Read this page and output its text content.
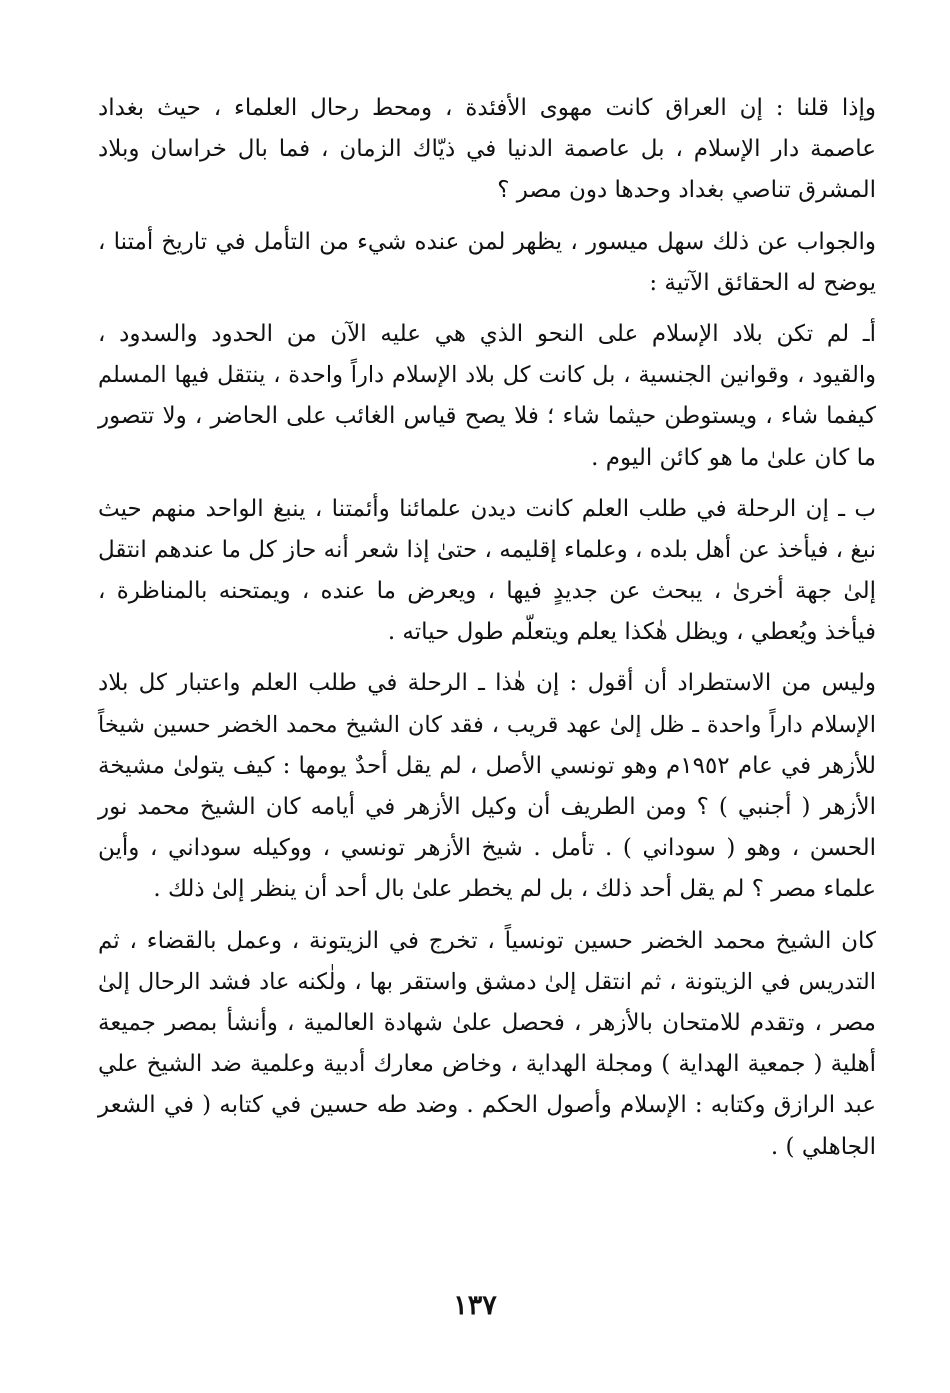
وإذا قلنا : إن العراق كانت مهوى الأفئدة ، ومحط رحال العلماء ، حيث بغداد
عاصمة دار الإسلام ، بل عاصمة الدنيا في ذيّاك الزمان ، فما بال خراسان وبلاد
المشرق تناصي بغداد وحدها دون مصر ؟
والجواب عن ذلك سهل ميسور ، يظهر لمن عنده شيء من التأمل في تاريخ أمتنا ،
يوضح له الحقائق الآتية :
أـ لم تكن بلاد الإسلام على النحو الذي هي عليه الآن من الحدود والسدود ،
والقيود ، وقوانين الجنسية ، بل كانت كل بلاد الإسلام داراً واحدة ، ينتقل فيها المسلم
كيفما شاء ، ويستوطن حيثما شاء ؛ فلا يصح قياس الغائب على الحاضر ، ولا تتصور
ما كان علىٰ ما هو كائن اليوم .
ب ـ إن الرحلة في طلب العلم كانت ديدن علمائنا وأئمتنا ، ينبغ الواحد منهم حيث
نبغ ، فيأخذ عن أهل بلده ، وعلماء إقليمه ، حتىٰ إذا شعر أنه حاز كل ما عندهم انتقل
إلىٰ جهة أخرىٰ ، يبحث عن جديدٍ فيها ، ويعرض ما عنده ، ويمتحنه بالمناظرة ،
فيأخذ ويُعطي ، ويظل هٰكذا يعلم ويتعلّم طول حياته .
وليس من الاستطراد أن أقول : إن هٰذا ـ الرحلة في طلب العلم واعتبار كل بلاد
الإسلام داراً واحدة ـ ظل إلىٰ عهد قريب ، فقد كان الشيخ محمد الخضر حسين شيخاً
للأزهر في عام ١٩٥٢م وهو تونسي الأصل ، لم يقل أحدٌ يومها : كيف يتولىٰ مشيخة
الأزهر ( أجنبي ) ؟ ومن الطريف أن وكيل الأزهر في أيامه كان الشيخ محمد نور
الحسن ، وهو ( سوداني ) . تأمل . شيخ الأزهر تونسي ، ووكيله سوداني ، وأين
علماء مصر ؟ لم يقل أحد ذلك ، بل لم يخطر علىٰ بال أحد أن ينظر إلىٰ ذلك .
كان الشيخ محمد الخضر حسين تونسياً ، تخرج في الزيتونة ، وعمل بالقضاء ، ثم
التدريس في الزيتونة ، ثم انتقل إلىٰ دمشق واستقر بها ، ولٰكنه عاد فشد الرحال إلىٰ
مصر ، وتقدم للامتحان بالأزهر ، فحصل علىٰ شهادة العالمية ، وأنشأ بمصر جميعة
أهلية ( جمعية الهداية ) ومجلة الهداية ، وخاض معارك أدبية وعلمية ضد الشيخ علي
عبد الرازق وكتابه : الإسلام وأصول الحكم . وضد طه حسين في كتابه ( في الشعر
الجاهلي ) .
١٣٧
